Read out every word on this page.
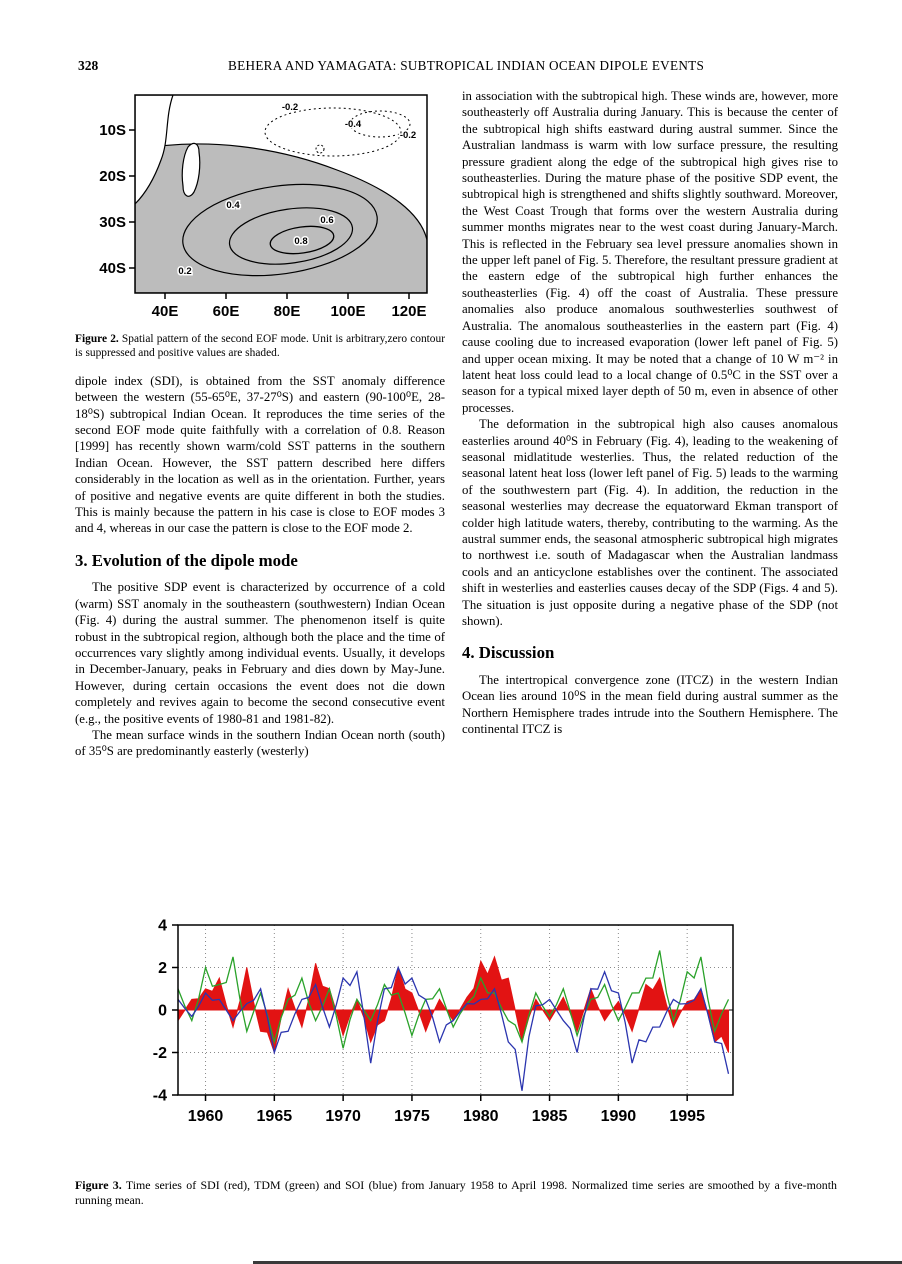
328	BEHERA AND YAMAGATA: SUBTROPICAL INDIAN OCEAN DIPOLE EVENTS
10S
20S
30S
40S
40E 60E 80E 100E 120E
-0.2
-0.4
-0.2
0.4
0.6
0.8
0.2
Figure 2. Spatial pattern of the second EOF mode. Unit is arbitrary,zero contour is suppressed and positive values are shaded.

dipole index (SDI), is obtained from the SST anomaly difference between the western (55-65⁰E, 37-27⁰S) and eastern (90-100⁰E, 28-18⁰S) subtropical Indian Ocean. It reproduces the time series of the second EOF mode quite faithfully with a correlation of 0.8. Reason [1999] has recently shown warm/cold SST patterns in the southern Indian Ocean. However, the SST pattern described here differs considerably in the location as well as in the orientation. Further, years of positive and negative events are quite different in both the studies. This is mainly because the pattern in his case is close to EOF modes 3 and 4, whereas in our case the pattern is close to the EOF mode 2.

3. Evolution of the dipole mode

The positive SDP event is characterized by occurrence of a cold (warm) SST anomaly in the southeastern (southwestern) Indian Ocean (Fig. 4) during the austral summer. The phenomenon itself is quite robust in the subtropical region, although both the place and the time of occurrences vary slightly among individual events. Usually, it develops in December-January, peaks in February and dies down by May-June. However, during certain occasions the event does not die down completely and revives again to become the second consecutive event (e.g., the positive events of 1980-81 and 1981-82).

The mean surface winds in the southern Indian Ocean north (south) of 35⁰S are predominantly easterly (westerly)

in association with the subtropical high. These winds are, however, more southeasterly off Australia during January. This is because the center of the subtropical high shifts eastward during austral summer. Since the Australian landmass is warm with low surface pressure, the resulting pressure gradient along the edge of the subtropical high gives rise to southeasterlies. During the mature phase of the positive SDP event, the subtropical high is strengthened and shifts slightly southward. Moreover, the West Coast Trough that forms over the western Australia during summer months migrates near to the west coast during January-March. This is reflected in the February sea level pressure anomalies shown in the upper left panel of Fig. 5. Therefore, the resultant pressure gradient at the eastern edge of the subtropical high further enhances the southeasterlies (Fig. 4) off the coast of Australia. These pressure anomalies also produce anomalous southwesterlies southwest of Australia. The anomalous southeasterlies in the eastern part (Fig. 4) cause cooling due to increased evaporation (lower left panel of Fig. 5) and upper ocean mixing. It may be noted that a change of 10 W m⁻² in latent heat loss could lead to a local change of 0.5⁰C in the SST over a season for a typical mixed layer depth of 50 m, even in absence of other processes.

The deformation in the subtropical high also causes anomalous easterlies around 40⁰S in February (Fig. 4), leading to the weakening of seasonal midlatitude westerlies. Thus, the related reduction of the seasonal latent heat loss (lower left panel of Fig. 5) leads to the warming of the southwestern part (Fig. 4). In addition, the reduction in the seasonal westerlies may decrease the equatorward Ekman transport of colder high latitude waters, thereby, contributing to the warming. As the austral summer ends, the seasonal atmospheric subtropical high migrates to northwest i.e. south of Madagascar when the Australian landmass cools and an anticyclone establishes over the continent. The associated shift in westerlies and easterlies causes decay of the SDP (Figs. 4 and 5). The situation is just opposite during a negative phase of the SDP (not shown).

4. Discussion

The intertropical convergence zone (ITCZ) in the western Indian Ocean lies around 10⁰S in the mean field during austral summer as the Northern Hemisphere trades intrude into the Southern Hemisphere. The continental ITCZ is

-4
-2
0
2
4
1960 1965 1970 1975 1980 1985 1990 1995
Figure 3. Time series of SDI (red), TDM (green) and SOI (blue) from January 1958 to April 1998. Normalized time series are smoothed by a five-month running mean.
